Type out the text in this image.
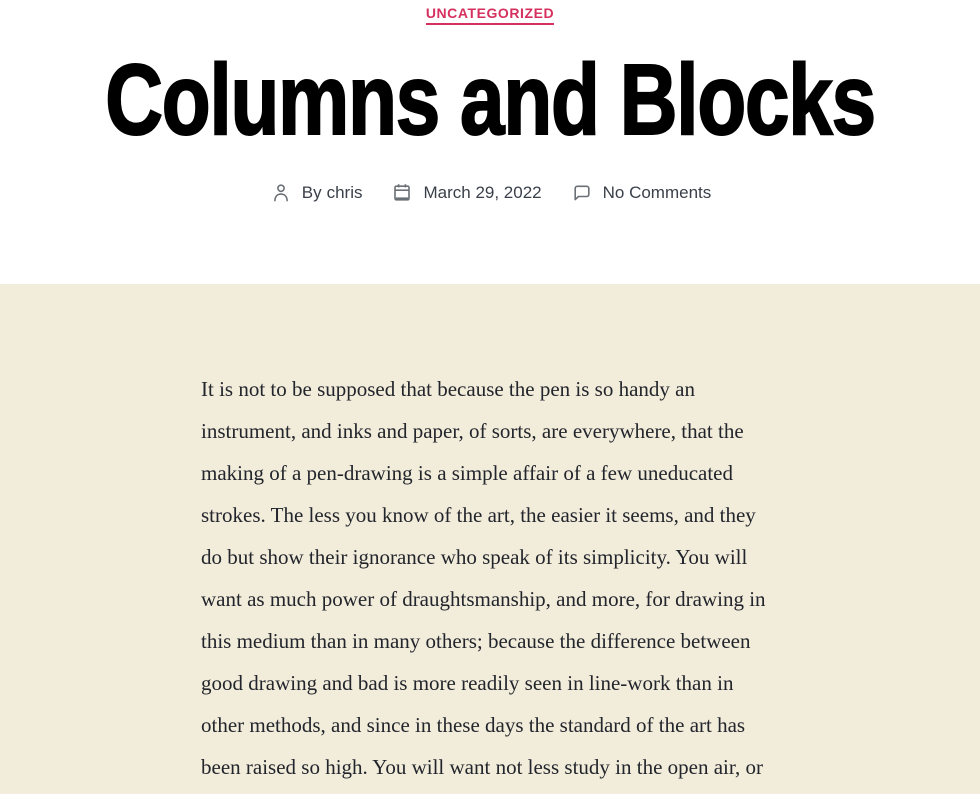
UNCATEGORIZED
Columns and Blocks
By chris	March 29, 2022	No Comments

It is not to be supposed that because the pen is so handy an instrument, and inks and paper, of sorts, are everywhere, that the making of a pen-drawing is a simple affair of a few uneducated strokes. The less you know of the art, the easier it seems, and they do but show their ignorance who speak of its simplicity. You will want as much power of draughtsmanship, and more, for drawing in this medium than in many others; because the difference between good drawing and bad is more readily seen in line-work than in other methods, and since in these days the standard of the art has been raised so high. You will want not less study in the open air, or
